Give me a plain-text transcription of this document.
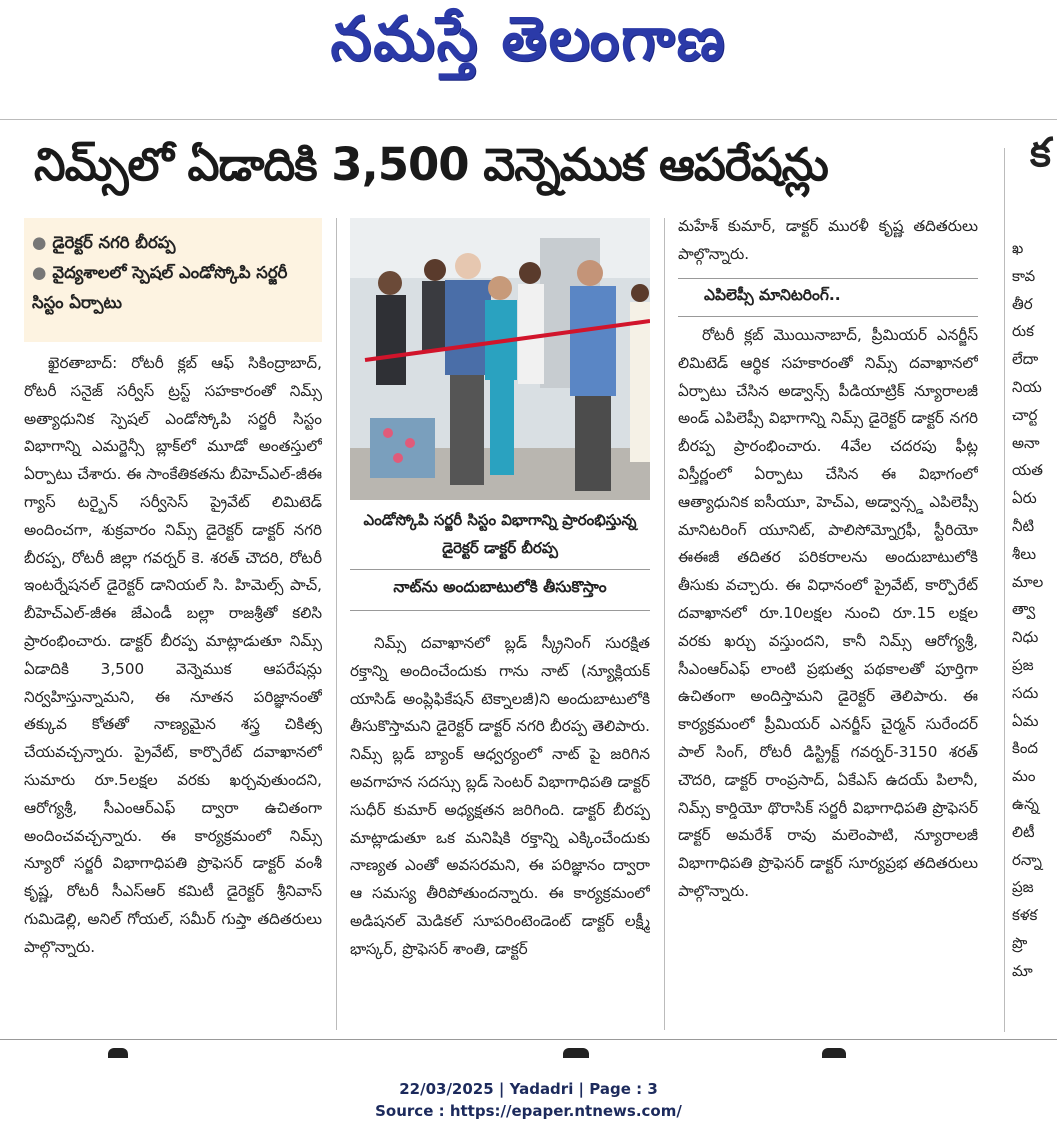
నమస్తే తెలంగాణ
నిమ్స్‌లో ఏడాదికి 3,500 వెన్నెముక ఆపరేషన్లు	క
● డైరెక్టర్ నగరి బీరప్ప
● వైద్యశాలలో స్పెషల్ ఎండోస్కోపి సర్జరీ సిస్టం ఏర్పాటు

ఖైరతాబాద్: రోటరీ క్లబ్ ఆఫ్ సికింద్రాబాద్, రోటరీ సనైజ్ సర్వీస్ ట్రస్ట్ సహకారంతో నిమ్స్ అత్యాధునిక స్పెషల్ ఎండోస్కోపి సర్జరీ సిస్టం విభాగాన్ని ఎమర్జెన్సీ బ్లాక్‌లో మూడో అంతస్తులో ఏర్పాటు చేశారు. ఈ సాంకేతికతను బీహెచ్‌ఎల్-జీఈ గ్యాస్ టర్బైన్ సర్వీసెస్ ప్రైవేట్ లిమిటెడ్ అందించగా, శుక్రవారం నిమ్స్ డైరెక్టర్ డాక్టర్ నగరి బీరప్ప, రోటరీ జిల్లా గవర్నర్ కె. శరత్ చౌదరి, రోటరీ ఇంటర్నేషనల్ డైరెక్టర్ డానియల్ సి. హిమెల్స్ పాచ్, బీహెచ్‌ఎల్-జీఈ జేఎండీ బల్లా రాజశ్రీతో కలిసి ప్రారంభించారు. డాక్టర్ బీరప్ప మాట్లాడుతూ నిమ్స్ ఏడాదికి 3,500 వెన్నెముక ఆపరేషన్లు నిర్వహిస్తున్నామని, ఈ నూతన పరిజ్ఞానంతో తక్కువ కోతతో నాణ్యమైన శస్త్ర చికిత్స చేయవచ్చన్నారు. ప్రైవేట్, కార్పొరేట్ దవాఖానలో సుమారు రూ.5లక్షల వరకు ఖర్చవుతుందని, ఆరోగ్యశ్రీ, సీఎంఆర్‌ఎఫ్ ద్వారా ఉచితంగా అందించవచ్చన్నారు. ఈ కార్యక్రమంలో నిమ్స్ న్యూరో సర్జరీ విభాగాధిపతి ప్రొఫెసర్ డాక్టర్ వంశీ కృష్ణ, రోటరీ సీఎస్‌ఆర్ కమిటీ డైరెక్టర్ శ్రీనివాస్ గుమిడెల్లి, అనిల్ గోయల్, సమీర్ గుప్తా తదితరులు పాల్గొన్నారు.

ఎండోస్కోపి సర్జరీ సిస్టం విభాగాన్ని ప్రారంభిస్తున్న డైరెక్టర్ డాక్టర్ బీరప్ప
నాట్‌ను అందుబాటులోకి తీసుకొస్తాం

నిమ్స్ దవాఖానలో బ్లడ్ స్క్రీనింగ్ సురక్షిత రక్తాన్ని అందించేందుకు గాను నాట్ (న్యూక్లియక్ యాసిడ్ అంప్లిఫికేషన్ టెక్నాలజీ)ని అందుబాటులోకి తీసుకొస్తామని డైరెక్టర్ డాక్టర్ నగరి బీరప్ప తెలిపారు. నిమ్స్ బ్లడ్ బ్యాంక్ ఆధ్వర్యంలో నాట్ పై జరిగిన అవగాహన సదస్సు బ్లడ్ సెంటర్ విభాగాధిపతి డాక్టర్ సుధీర్ కుమార్ అధ్యక్షతన జరిగింది. డాక్టర్ బీరప్ప మాట్లాడుతూ ఒక మనిషికి రక్తాన్ని ఎక్కించేందుకు నాణ్యత ఎంతో అవసరమని, ఈ పరిజ్ఞానం ద్వారా ఆ సమస్య తీరిపోతుందన్నారు. ఈ కార్యక్రమంలో అడిషనల్ మెడికల్ సూపరింటెండెంట్ డాక్టర్ లక్ష్మీ భాస్కర్, ప్రొఫెసర్ శాంతి, డాక్టర్

మహేశ్ కుమార్, డాక్టర్ మురళీ కృష్ణ తదితరులు పాల్గొన్నారు.

ఎపిలెప్సీ మానిటరింగ్..

రోటరీ క్లబ్ మొయినాబాద్, ప్రీమియర్ ఎనర్జీస్ లిమిటెడ్ ఆర్థిక సహకారంతో నిమ్స్ దవాఖానలో ఏర్పాటు చేసిన అడ్వాన్స్ పీడియాట్రిక్ న్యూరాలజీ అండ్ ఎపిలెప్సీ విభాగాన్ని నిమ్స్ డైరెక్టర్ డాక్టర్ నగరి బీరప్ప ప్రారంభించారు. 4వేల చదరపు ఫీట్ల విస్తీర్ణంలో ఏర్పాటు చేసిన ఈ విభాగంలో ఆత్యాధునిక ఐసీయూ, హెచ్‌ఎ, అడ్వాన్స్డ ఎపిలెప్సీ మానిటరింగ్ యూనిట్, పాలిసోమ్నోగ్రఫీ, స్టీరియో ఈఈజీ తదితర పరికరాలను అందుబాటులోకి తీసుకు వచ్చారు. ఈ విధానంలో ప్రైవేట్, కార్పొరేట్ దవాఖానలో రూ.10లక్షల నుంచి రూ.15 లక్షల వరకు ఖర్చు వస్తుందని, కానీ నిమ్స్ ఆరోగ్యశ్రీ, సీఎంఆర్‌ఎఫ్ లాంటి ప్రభుత్వ పథకాలతో పూర్తిగా ఉచితంగా అందిస్తామని డైరెక్టర్ తెలిపారు. ఈ కార్యక్రమంలో ప్రీమియర్ ఎనర్జీస్ చైర్మన్ సురేందర్ పాల్ సింగ్, రోటరీ డిస్ట్రిక్ట్ గవర్నర్-3150 శరత్ చౌదరి, డాక్టర్ రాంప్రసాద్, ఏకేఎస్ ఉదయ్ పిలానీ, నిమ్స్ కార్డియో థొరాసిక్ సర్జరీ విభాగాధిపతి ప్రొఫెసర్ డాక్టర్ అమరేశ్ రావు మలెంపాటి, న్యూరాలజీ విభాగాధిపతి ప్రొఫెసర్ డాక్టర్ సూర్యప్రభ తదితరులు పాల్గొన్నారు.

ఖ
కావ
తీర
రుక
లేదా
నియ
చార్ట
అనా
యత
ఏరు
నీటి
శీలు
మాల
త్వా
నిధు
ప్రజ
సదు
ఏమ
కింద
మం
ఉన్న
లిటీ
రన్నా
ప్రజ
కళక
ప్రొ
మా
22/03/2025 | Yadadri | Page : 3
Source : https://epaper.ntnews.com/
